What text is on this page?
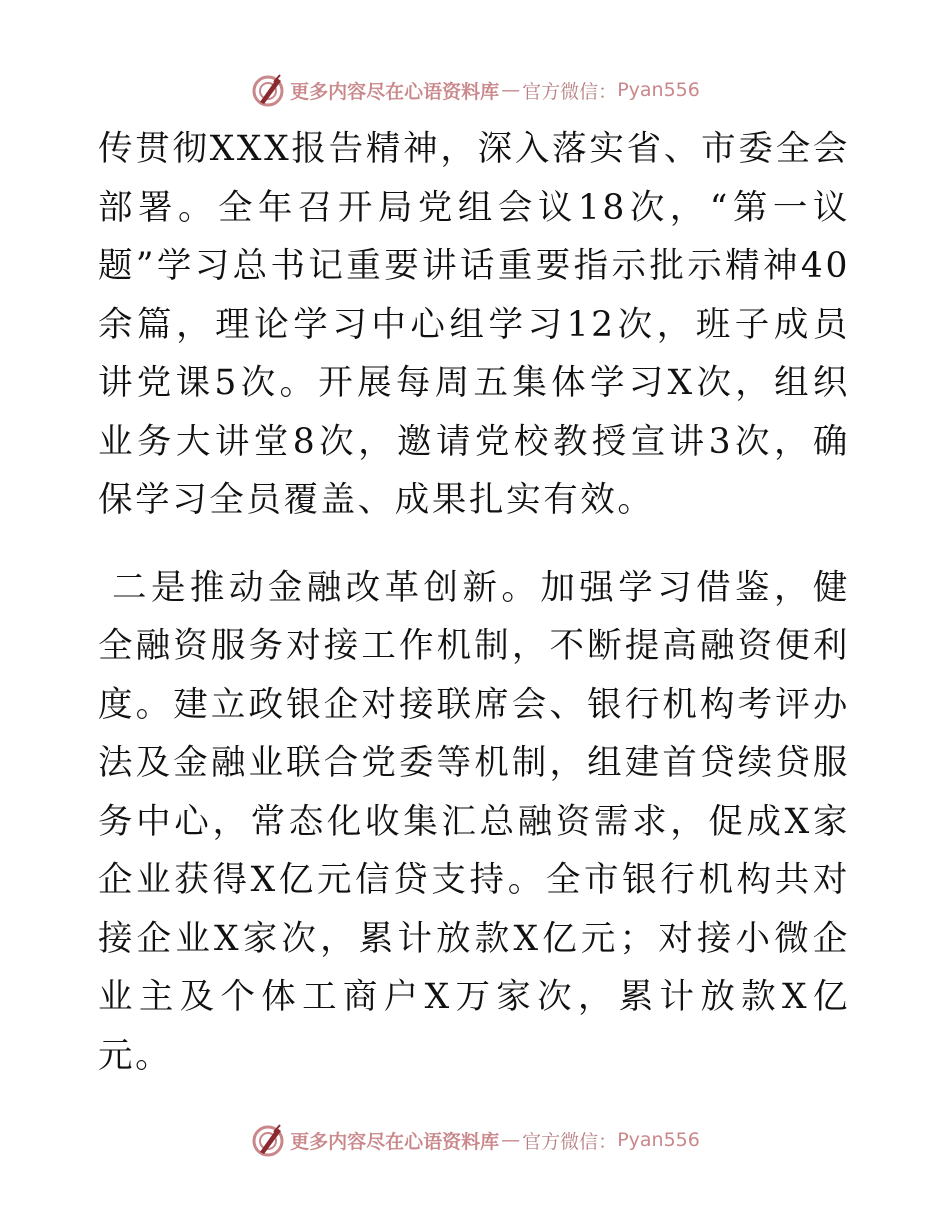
更多内容尽在心语资料库 — 官方微信： Pyan556

传贯彻XXX报告精神，深入落实省、市委全会部署。全年召开局党组会议18次，“第一议题”学习总书记重要讲话重要指示批示精神40余篇，理论学习中心组学习12次，班子成员讲党课5次。开展每周五集体学习X次，组织业务大讲堂8次，邀请党校教授宣讲3次，确保学习全员覆盖、成果扎实有效。

二是推动金融改革创新。加强学习借鉴，健全融资服务对接工作机制，不断提高融资便利度。建立政银企对接联席会、银行机构考评办法及金融业联合党委等机制，组建首贷续贷服务中心，常态化收集汇总融资需求，促成X家企业获得X亿元信贷支持。全市银行机构共对接企业X家次，累计放款X亿元；对接小微企业主及个体工商户X万家次，累计放款X亿元。

更多内容尽在心语资料库 — 官方微信： Pyan556
